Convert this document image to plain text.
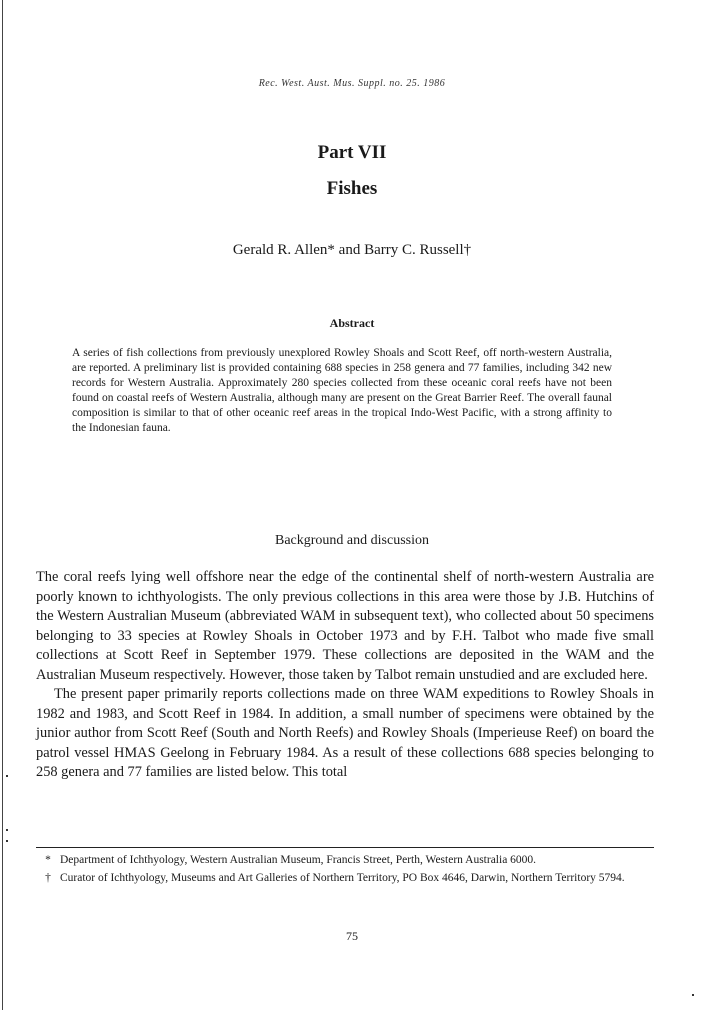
Rec. West. Aust. Mus. Suppl. no. 25. 1986
Part VII
Fishes
Gerald R. Allen* and Barry C. Russell†
Abstract
A series of fish collections from previously unexplored Rowley Shoals and Scott Reef, off north-western Australia, are reported. A preliminary list is provided containing 688 species in 258 genera and 77 families, including 342 new records for Western Australia. Approximately 280 species collected from these oceanic coral reefs have not been found on coastal reefs of Western Australia, although many are present on the Great Barrier Reef. The overall faunal composition is similar to that of other oceanic reef areas in the tropical Indo-West Pacific, with a strong affinity to the Indonesian fauna.
Background and discussion

The coral reefs lying well offshore near the edge of the continental shelf of north-western Australia are poorly known to ichthyologists. The only previous collections in this area were those by J.B. Hutchins of the Western Australian Museum (abbreviated WAM in subsequent text), who collected about 50 specimens belonging to 33 species at Rowley Shoals in October 1973 and by F.H. Talbot who made five small collections at Scott Reef in September 1979. These collections are deposited in the WAM and the Australian Museum respectively. However, those taken by Talbot remain unstudied and are excluded here.

The present paper primarily reports collections made on three WAM expeditions to Rowley Shoals in 1982 and 1983, and Scott Reef in 1984. In addition, a small number of specimens were obtained by the junior author from Scott Reef (South and North Reefs) and Rowley Shoals (Imperieuse Reef) on board the patrol vessel HMAS Geelong in February 1984. As a result of these collections 688 species belonging to 258 genera and 77 families are listed below. This total

* Department of Ichthyology, Western Australian Museum, Francis Street, Perth, Western Australia 6000.
† Curator of Ichthyology, Museums and Art Galleries of Northern Territory, PO Box 4646, Darwin, Northern Territory 5794.
75
